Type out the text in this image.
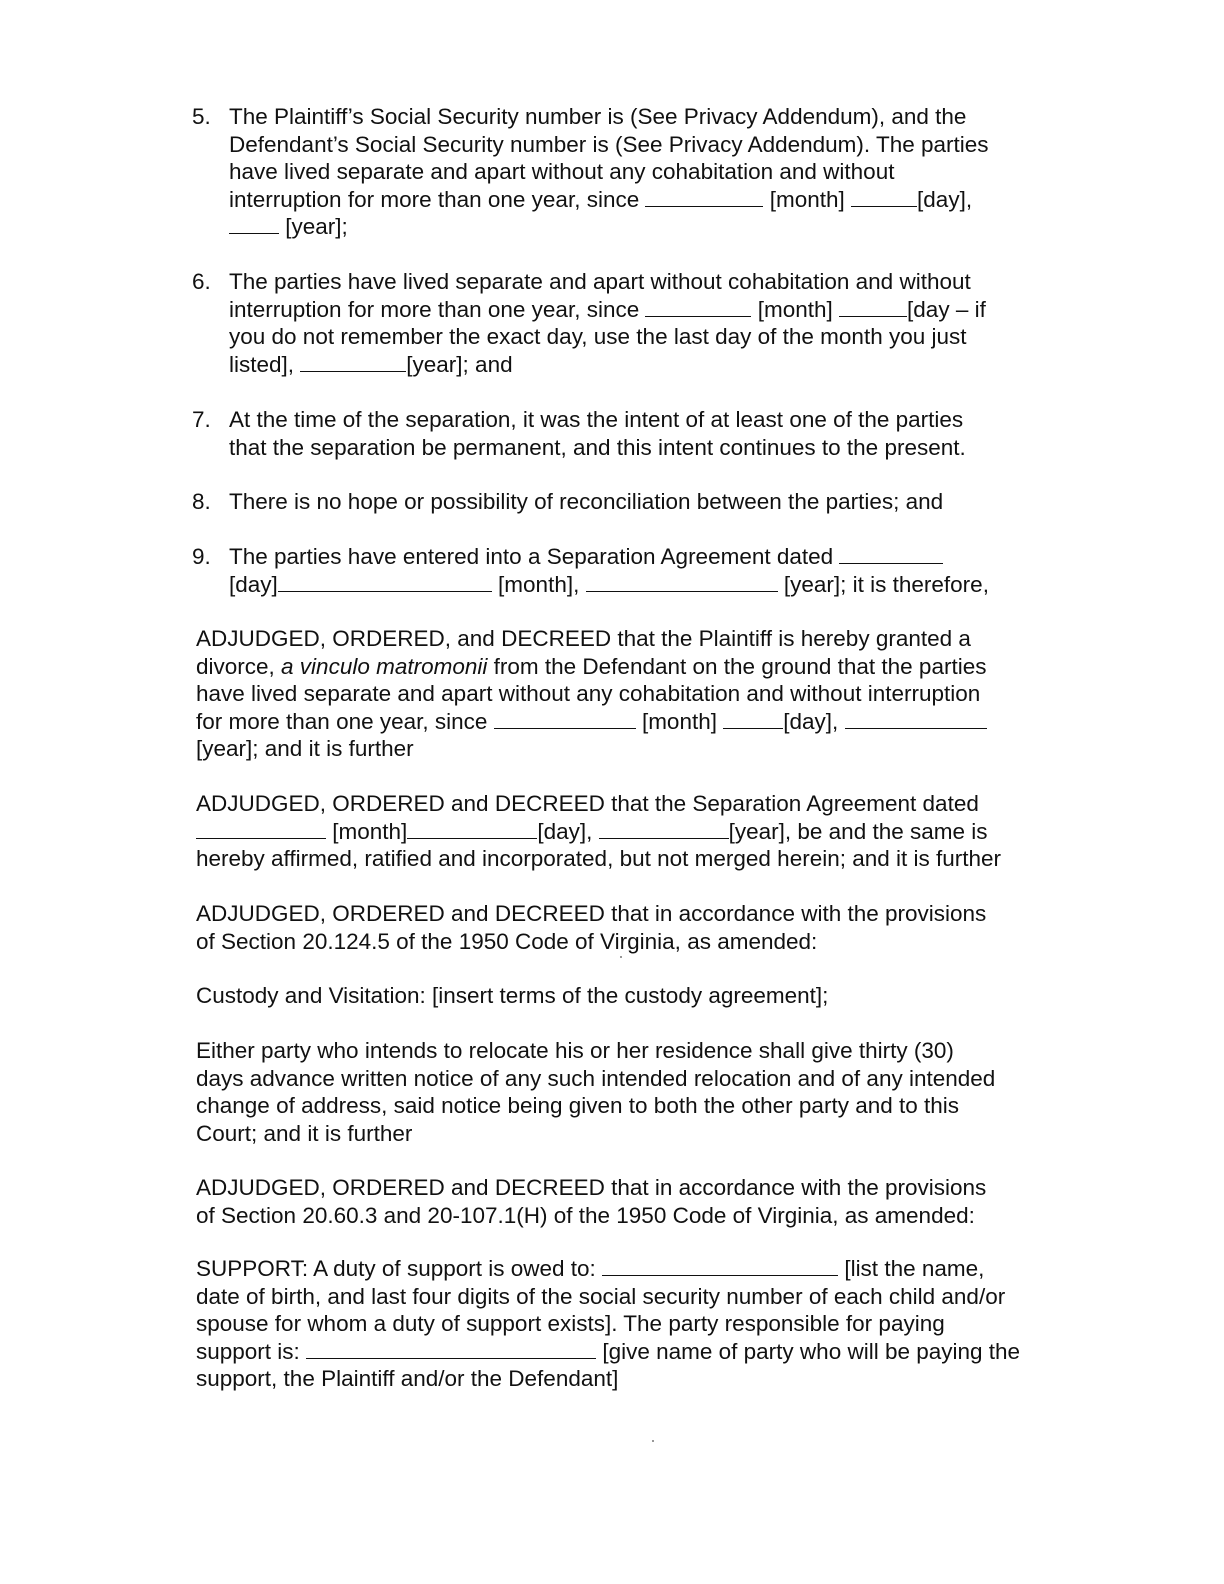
5. The Plaintiff’s Social Security number is (See Privacy Addendum), and the
Defendant’s Social Security number is (See Privacy Addendum). The parties
have lived separate and apart without any cohabitation and without
interruption for more than one year, since	[month]	[day],
[year];
6. The parties have lived separate and apart without cohabitation and without
interruption for more than one year, since	[month]	[day – if
you do not remember the exact day, use the last day of the month you just
listed],	[year]; and
7. At the time of the separation, it was the intent of at least one of the parties
that the separation be permanent, and this intent continues to the present.
8. There is no hope or possibility of reconciliation between the parties; and
9. The parties have entered into a Separation Agreement dated
[day]	[month],	[year]; it is therefore,
ADJUDGED, ORDERED, and DECREED that the Plaintiff is hereby granted a
divorce, a vinculo matromonii from the Defendant on the ground that the parties
have lived separate and apart without any cohabitation and without interruption
for more than one year, since	[month]	[day],
[year]; and it is further
ADJUDGED, ORDERED and DECREED that the Separation Agreement dated
[month]	[day],	[year], be and the same is
hereby affirmed, ratified and incorporated, but not merged herein; and it is further
ADJUDGED, ORDERED and DECREED that in accordance with the provisions
of Section 20.124.5 of the 1950 Code of Virginia, as amended:
Custody and Visitation: [insert terms of the custody agreement];
Either party who intends to relocate his or her residence shall give thirty (30)
days advance written notice of any such intended relocation and of any intended
change of address, said notice being given to both the other party and to this
Court; and it is further
ADJUDGED, ORDERED and DECREED that in accordance with the provisions
of Section 20.60.3 and 20-107.1(H) of the 1950 Code of Virginia, as amended:
SUPPORT: A duty of support is owed to:	[list the name,
date of birth, and last four digits of the social security number of each child and/or
spouse for whom a duty of support exists]. The party responsible for paying
support is:	[give name of party who will be paying the
support, the Plaintiff and/or the Defendant]
